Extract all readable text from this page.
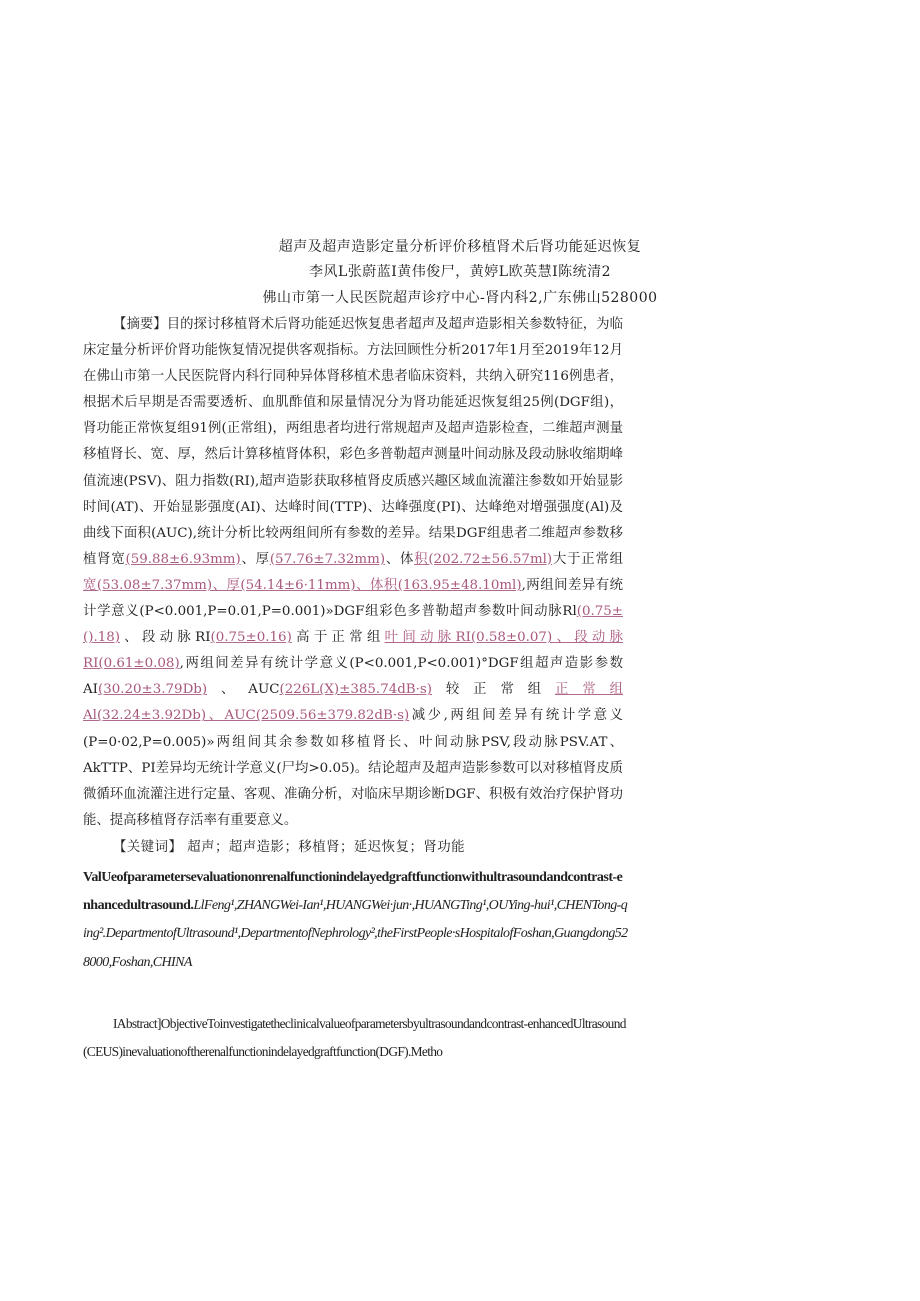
超声及超声造影定量分析评价移植肾术后肾功能延迟恢复
李风L张蔚蓝I黄伟俊尸，黄婷L欧英慧I陈统清2
佛山市第一人民医院超声诊疗中心-肾内科2,广东佛山528000
【摘要】目的探讨移植肾术后肾功能延迟恢复患者超声及超声造影相关参数特征，为临床定量分析评价肾功能恢复情况提供客观指标。方法回顾性分析2017年1月至2019年12月在佛山市第一人民医院肾内科行同种异体肾移植术患者临床资料，共纳入研究116例患者，根据术后早期是否需要透析、血肌酢值和尿量情况分为肾功能延迟恢复组25例(DGF组)，肾功能正常恢复组91例(正常组)，两组患者均进行常规超声及超声造影检查，二维超声测量移植肾长、宽、厚，然后计算移植肾体积，彩色多普勒超声测量叶间动脉及段动脉收缩期峰值流速(PSV)、阻力指数(RI),超声造影获取移植肾皮质感兴趣区域血流灌注参数如开始显影时间(AT)、开始显影强度(AI)、达峰时间(TTP)、达峰强度(PI)、达峰绝对增强强度(Al)及曲线下面积(AUC),统计分析比较两组间所有参数的差异。结果DGF组患者二维超声参数移植肾宽(59.88±6.93mm)、厚(57.76±7.32mm)、体积(202.72±56.57ml)大于正常组宽(53.08±7.37mm)、厚(54.14±6·11mm)、体积(163.95±48.10ml),两组间差异有统计学意义(P<0.001,P=0.01,P=0.001)»DGF组彩色多普勒超声参数叶间动脉Rl(0.75±().18)、段动脉RI(0.75±0.16)高于正常组叶间动脉RI(0.58±0.07)、段动脉RI(0.61±0.08),两组间差异有统计学意义(P<0.001,P<0.001)°DGF组超声造影参数AI(30.20±3.79Db)、AUC(226L(X)±385.74dB·s)较正常组正常组Al(32.24±3.92Db)、AUC(2509.56±379.82dB·s)减少,两组间差异有统计学意义(P=0·02,P=0.005)»两组间其余参数如移植肾长、叶间动脉PSV,段动脉PSV.AT、AkTTP、PI差异均无统计学意义(尸均>0.05)。结论超声及超声造影参数可以对移植肾皮质微循环血流灌注进行定量、客观、准确分析，对临床早期诊断DGF、积极有效治疗保护肾功能、提高移植肾存活率有重要意义。
【关键词】 超声；超声造影；移植肾；延迟恢复；肾功能
ValUeofparametersevaluationonrenalfunctionindelayedgraftfunctionwithultrasoundandcontrast-enhancedultrasound.LlFeng¹,ZHANGWei-Ian¹,HUANGWei·jun·,HUANGTing¹,OUYing-hui¹,CHENTong-qing².DepartmentofUltrasound¹,DepartmentofNephrology²,theFirstPeople·sHospitalofFoshan,Guangdong528000,Foshan,CHINA
IAbstract]ObjectiveToinvestigatetheclinicalvalueofparametersbyultrasoundandcontrast-enhancedUltrasound(CEUS)inevaluationoftherenalfunctionindelayedgraftfunction(DGF).Metho
